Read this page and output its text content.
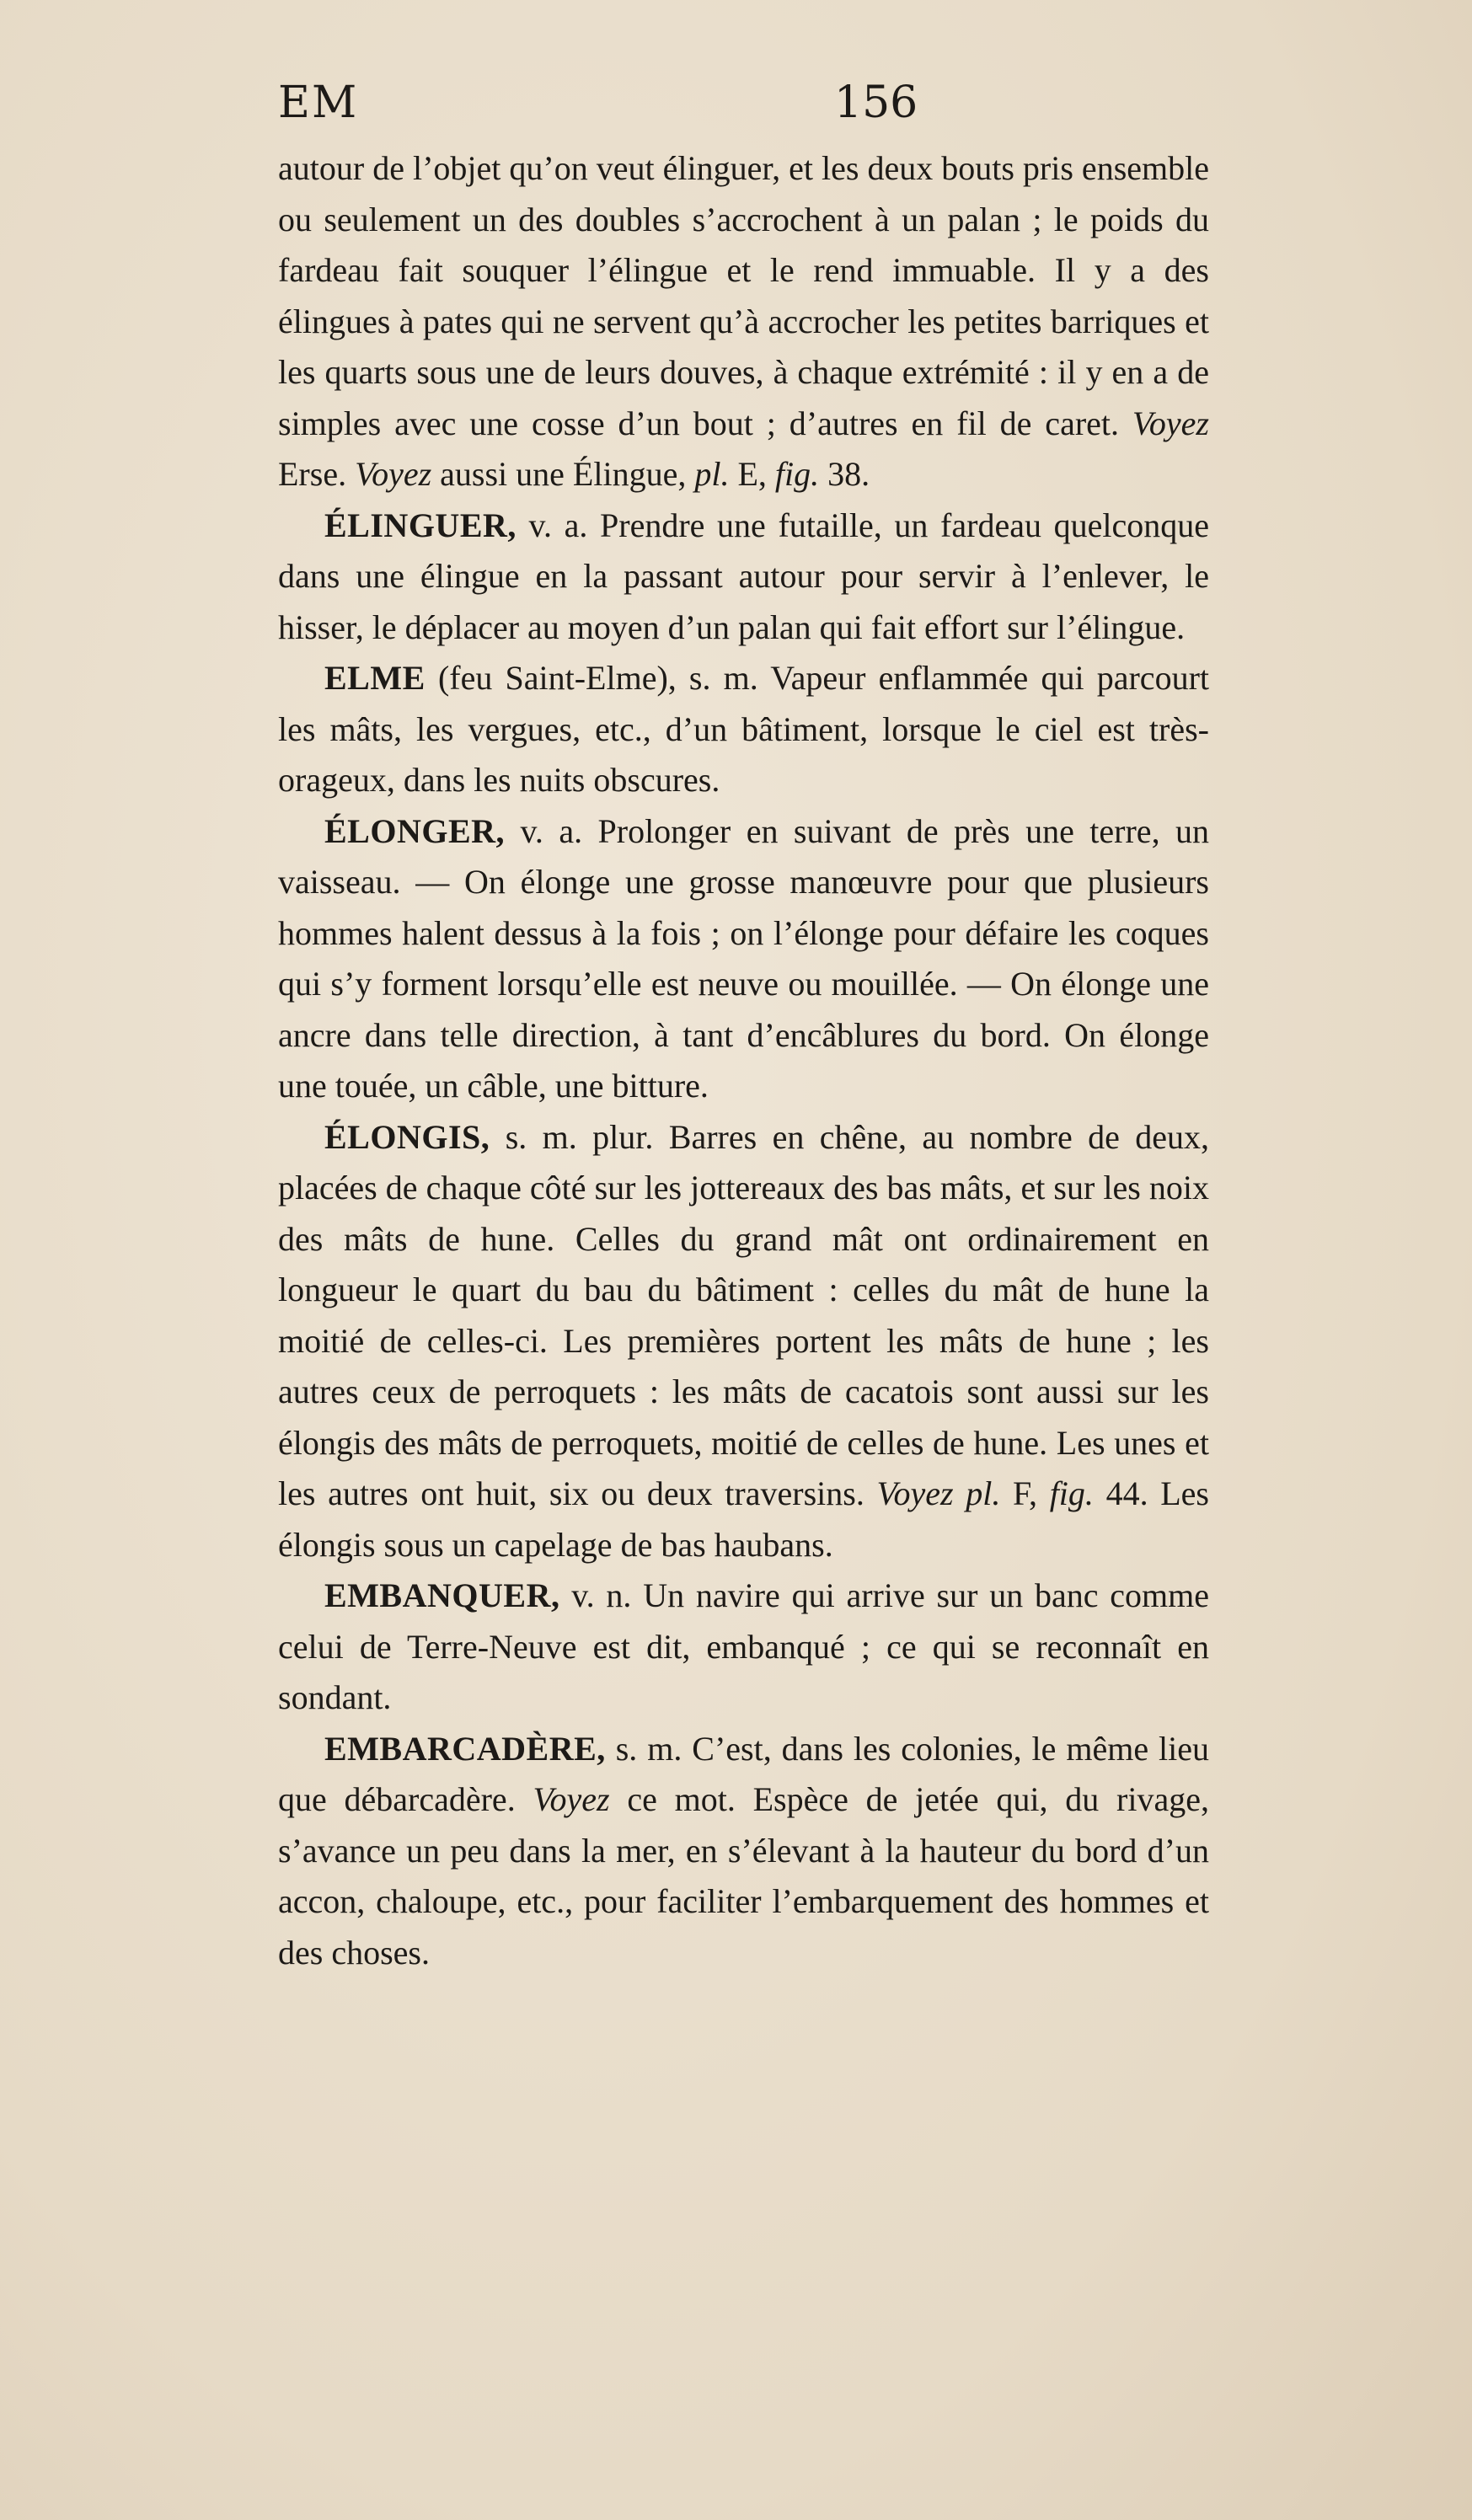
EM	156

autour de l’objet qu’on veut élinguer, et les deux bouts pris ensemble ou seulement un des doubles s’accrochent à un palan ; le poids du fardeau fait souquer l’élingue et le rend immuable. Il y a des élingues à pates qui ne servent qu’à accrocher les petites barriques et les quarts sous une de leurs douves, à chaque extrémité : il y en a de simples avec une cosse d’un bout ; d’autres en fil de caret. Voyez Erse. Voyez aussi une Élingue, pl. E, fig. 38.

ÉLINGUER, v. a. Prendre une futaille, un fardeau quelconque dans une élingue en la passant autour pour servir à l’enlever, le hisser, le déplacer au moyen d’un palan qui fait effort sur l’élingue.

ELME (feu Saint-Elme), s. m. Vapeur enflammée qui parcourt les mâts, les vergues, etc., d’un bâtiment, lorsque le ciel est très-orageux, dans les nuits obscures.

ÉLONGER, v. a. Prolonger en suivant de près une terre, un vaisseau. — On élonge une grosse manœuvre pour que plusieurs hommes halent dessus à la fois ; on l’élonge pour défaire les coques qui s’y forment lorsqu’elle est neuve ou mouillée. — On élonge une ancre dans telle direction, à tant d’encâblures du bord. On élonge une touée, un câble, une bitture.

ÉLONGIS, s. m. plur. Barres en chêne, au nombre de deux, placées de chaque côté sur les jottereaux des bas mâts, et sur les noix des mâts de hune. Celles du grand mât ont ordinairement en longueur le quart du bau du bâtiment : celles du mât de hune la moitié de celles-ci. Les premières portent les mâts de hune ; les autres ceux de perroquets : les mâts de cacatois sont aussi sur les élongis des mâts de perroquets, moitié de celles de hune. Les unes et les autres ont huit, six ou deux traversins. Voyez pl. F, fig. 44. Les élongis sous un capelage de bas haubans.

EMBANQUER, v. n. Un navire qui arrive sur un banc comme celui de Terre-Neuve est dit, embanqué ; ce qui se reconnaît en sondant.

EMBARCADÈRE, s. m. C’est, dans les colonies, le même lieu que débarcadère. Voyez ce mot. Espèce de jetée qui, du rivage, s’avance un peu dans la mer, en s’élevant à la hauteur du bord d’un accon, chaloupe, etc., pour faciliter l’embarquement des hommes et des choses.
